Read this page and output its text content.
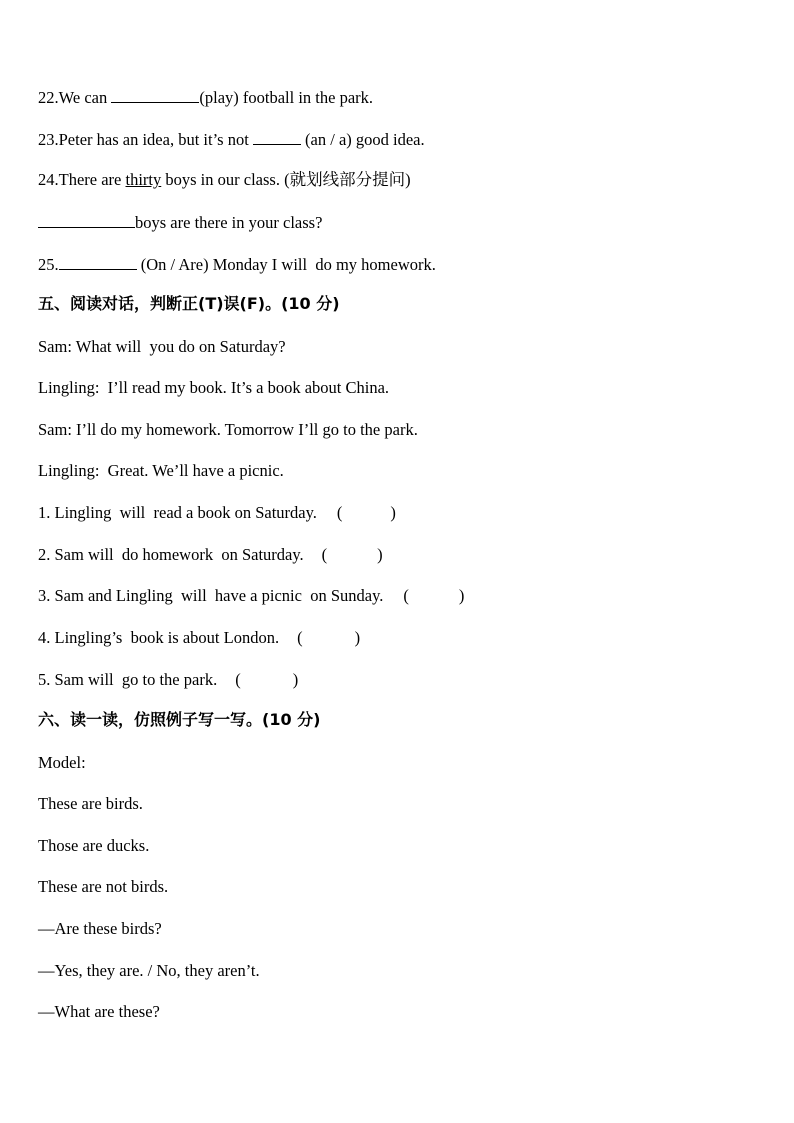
22.We can	(play) football in the park.
23.Peter has an idea, but it’s not	(an / a) good idea.
24.There are thirty boys in our class. (就划线部分提问)
boys are there in your class?
25.	(On / Are) Monday I will  do my homework.
五、阅读对话，判断正(T)误(F)。(10 分)
Sam: What will  you do on Saturday?
Lingling:  I’ll read my book. It’s a book about China.
Sam: I’ll do my homework. Tomorrow I’ll go to the park.
Lingling:  Great. We’ll have a picnic.
1. Lingling  will  read a book on Saturday. (	)
2. Sam will  do homework  on Saturday. (	)
3. Sam and Lingling  will  have a picnic  on Sunday. (	)
4. Lingling’s  book is about London. (	)
5. Sam will  go to the park. (	)
六、读一读，仿照例子写一写。(10 分)
Model:
These are birds.
Those are ducks.
These are not birds.
—Are these birds?
—Yes, they are. / No, they aren’t.
—What are these?
